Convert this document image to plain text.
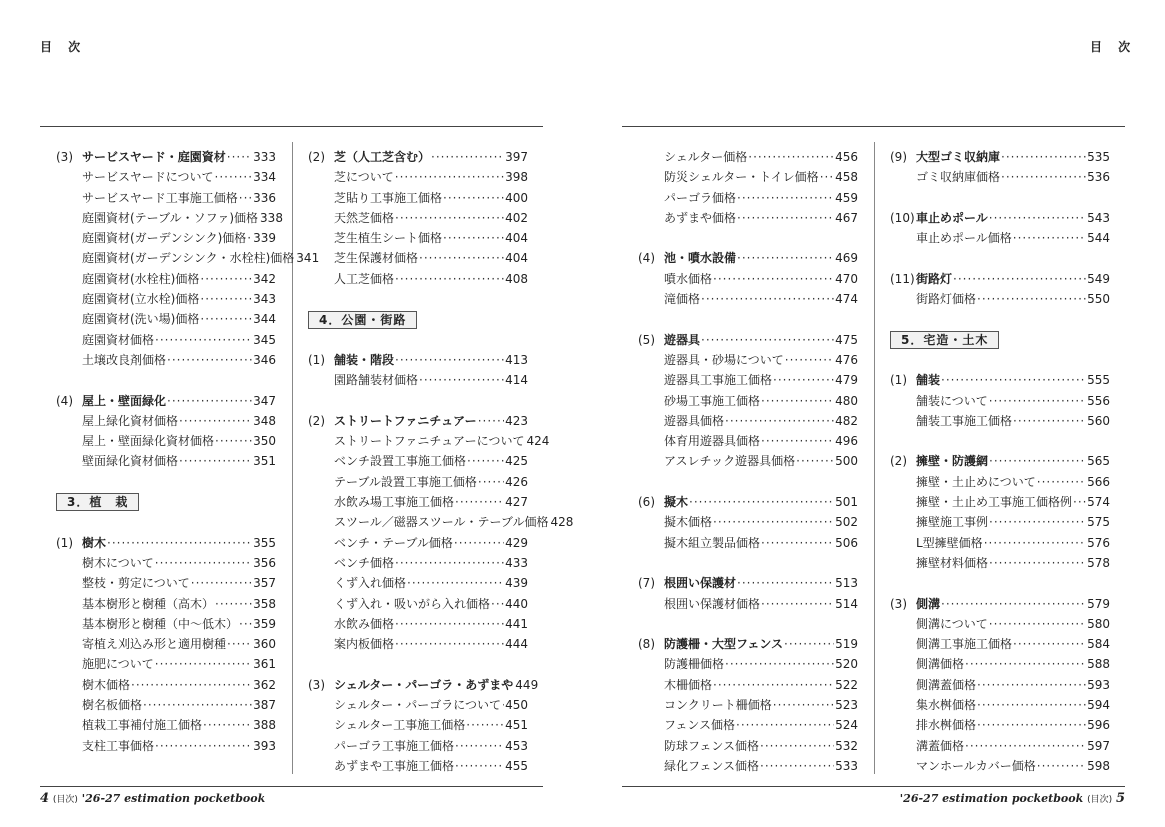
目 次	目 次
(3) サービスヤード・庭園資材 ····· 333
サービスヤードについて ·····	334
サービスヤード工事施工価格 ····· 336
庭園資材(テーブル・ソファ)価格 338
庭園資材(ガーデンシンク)価格 ····· 339
庭園資材(ガーデンシンク・水栓柱)価格 341
庭園資材(水栓柱)価格 ·····	342
庭園資材(立水栓)価格 ·····	343
庭園資材(洗い場)価格 ·····	344
庭園資材価格 ·····	345
土壌改良剤価格 ·····	346
(4) 屋上・壁面緑化 ·····	347
屋上緑化資材価格 ·····	348
屋上・壁面緑化資材価格 ·····	350
壁面緑化資材価格 ·····	351
3．植　栽
(1) 樹木 ·····	355
樹木について ·····	356
整枝・剪定について ·····	357
基本樹形と樹種（高木） ·····	358
基本樹形と樹種（中～低木） ····· 359
寄植え刈込み形と適用樹種 ····· 360
施肥について ·····	361
樹木価格 ·····	362
樹名板価格 ·····	387
植栽工事補付施工価格 ·····	388
支柱工事価格 ·····	393
(2) 芝（人工芝含む） ·····	397
芝について ·····	398
芝貼り工事施工価格 ·····	400
天然芝価格 ·····	402
芝生植生シート価格 ·····	404
芝生保護材価格 ·····	404
人工芝価格 ·····	408
4．公園・街路
(1) 舗装・階段 ·····	413
園路舗装材価格 ·····	414
(2) ストリートファニチュアー ····· 423
ストリートファニチュアーについて 424
ベンチ設置工事施工価格 ·····	425
テーブル設置工事施工価格 ····· 426
水飲み場工事施工価格 ·····	427
スツール／磁器スツール・テーブル価格 428
ベンチ・テーブル価格 ·····	429
ベンチ価格 ·····	433
くず入れ価格 ·····	439
くず入れ・吸いがら入れ価格 ····· 440
水飲み価格 ·····	441
案内板価格 ·····	444
(3) シェルター・パーゴラ・あずまや 449
シェルター・パーゴラについて ····· 450
シェルター工事施工価格 ·····	451
パーゴラ工事施工価格 ·····	453
あずまや工事施工価格 ·····	455
シェルター価格 ·····	456
防災シェルター・トイレ価格 ····· 458
パーゴラ価格 ·····	459
あずまや価格 ·····	467
(4) 池・噴水設備 ·····	469
噴水価格 ·····	470
滝価格 ·····	474
(5) 遊器具 ·····	475
遊器具・砂場について ·····	476
遊器具工事施工価格 ·····	479
砂場工事施工価格 ·····	480
遊器具価格 ·····	482
体育用遊器具価格 ·····	496
アスレチック遊器具価格 ·····	500
(6) 擬木 ·····	501
擬木価格 ·····	502
擬木組立製品価格 ·····	506
(7) 根囲い保護材 ·····	513
根囲い保護材価格 ·····	514
(8) 防護柵・大型フェンス ·····	519
防護柵価格 ·····	520
木柵価格 ·····	522
コンクリート柵価格 ·····	523
フェンス価格 ·····	524
防球フェンス価格 ·····	532
緑化フェンス価格 ·····	533
(9) 大型ゴミ収納庫 ·····	535
ゴミ収納庫価格 ·····	536
(10) 車止めポール ·····	543
車止めポール価格 ·····	544
(11) 街路灯 ·····	549
街路灯価格 ·····	550
5．宅造・土木
(1) 舗装 ·····	555
舗装について ·····	556
舗装工事施工価格 ·····	560
(2) 擁壁・防護網 ·····	565
擁壁・土止めについて ·····	566
擁壁・土止め工事施工価格例 ····· 574
擁壁施工事例 ·····	575
L型擁壁価格 ·····	576
擁壁材料価格 ·····	578
(3) 側溝 ·····	579
側溝について ·····	580
側溝工事施工価格 ·····	584
側溝価格 ·····	588
側溝蓋価格 ·····	593
集水桝価格 ·····	594
排水桝価格 ·····	596
溝蓋価格 ·····	597
マンホールカバー価格 ·····	598
4 (目次) '26-27 estimation pocketbook	'26-27 estimation pocketbook (目次) 5
